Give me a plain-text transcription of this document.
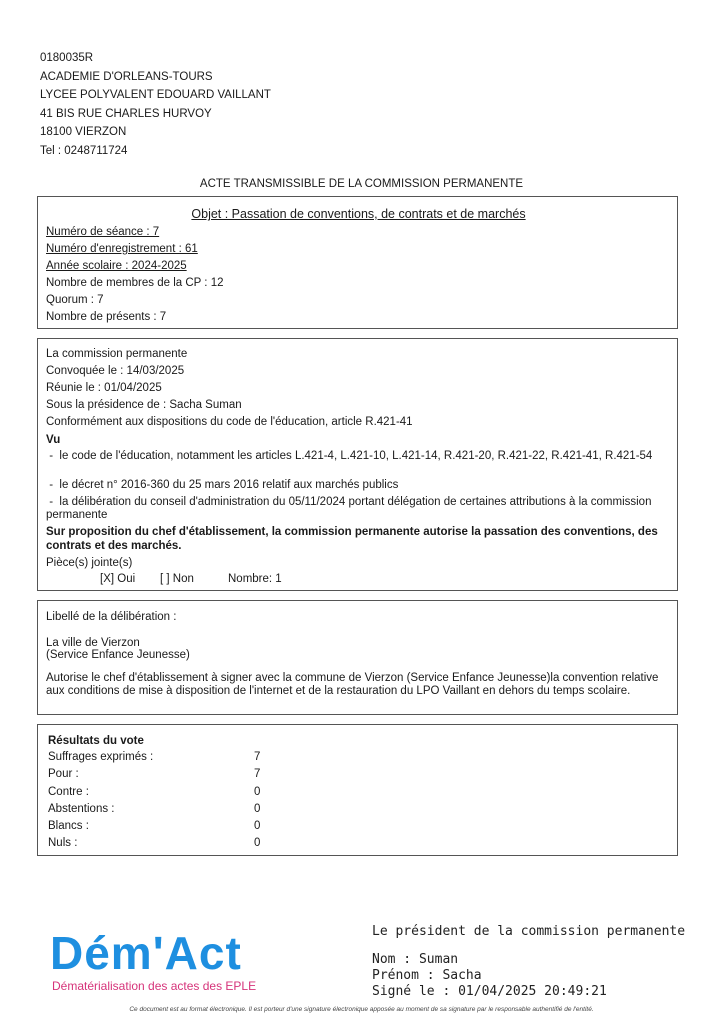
0180035R
ACADEMIE D'ORLEANS-TOURS
LYCEE POLYVALENT EDOUARD VAILLANT
41 BIS RUE CHARLES HURVOY
18100 VIERZON
Tel : 0248711724
ACTE TRANSMISSIBLE DE LA COMMISSION PERMANENTE
Objet : Passation de conventions, de contrats et de marchés
Numéro de séance : 7
Numéro d'enregistrement : 61
Année scolaire : 2024-2025
Nombre de membres de la CP : 12
Quorum : 7
Nombre de présents : 7
La commission permanente
Convoquée le : 14/03/2025
Réunie le : 01/04/2025
Sous la présidence de : Sacha Suman
Conformément aux dispositions du code de l'éducation, article R.421-41
Vu
-  le code de l'éducation, notamment les articles L.421-4, L.421-10, L.421-14, R.421-20, R.421-22, R.421-41, R.421-54
-  le décret n° 2016-360 du 25 mars 2016 relatif aux marchés publics
-  la délibération du conseil d'administration du 05/11/2024 portant délégation de certaines attributions à la commission permanente
Sur proposition du chef d'établissement, la commission permanente autorise la passation des conventions, des contrats et des marchés.
Pièce(s) jointe(s)
[X] Oui [ ] Non	Nombre: 1
Libellé de la délibération :
La ville de Vierzon
(Service Enfance Jeunesse)
Autorise le chef d'établissement à signer avec la commune de Vierzon (Service Enfance Jeunesse)la convention relative aux conditions de mise à disposition de l'internet et de la restauration du LPO Vaillant en dehors du temps scolaire.
Résultats du vote
Suffrages exprimés :	7
Pour :	7
Contre :	0
Abstentions :	0
Blancs :	0
Nuls :	0
Dém'Act
Dématérialisation des actes des EPLE
Le président de la commission permanente
Nom : Suman
Prénom : Sacha
Signé le : 01/04/2025 20:49:21
Ce document est au format électronique. Il est porteur d'une signature électronique apposée au moment de sa signature par le responsable authentifié de l'entité.
